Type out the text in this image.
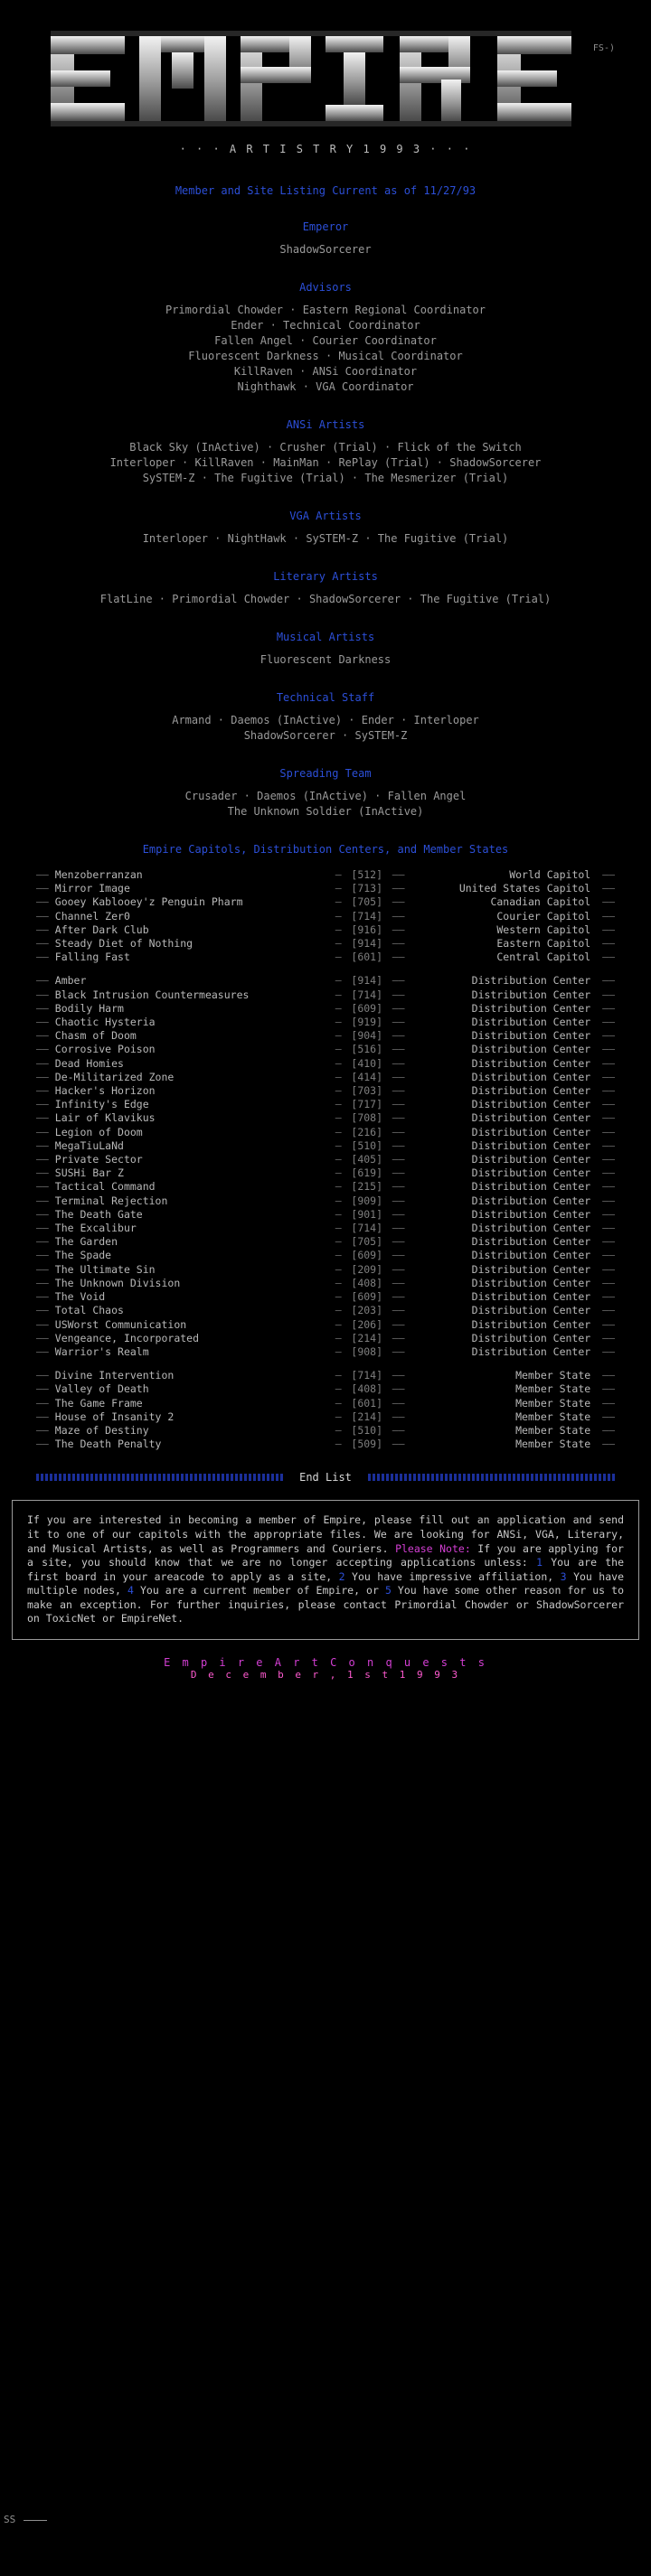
FS-)
· · · A R T I S T R Y 1 9 9 3 · · ·
Member and Site Listing Current as of 11/27/93
Emperor
ShadowSorcerer
Advisors
Primordial Chowder · Eastern Regional Coordinator
Ender · Technical Coordinator
Fallen Angel · Courier Coordinator
Fluorescent Darkness · Musical Coordinator
KillRaven · ANSi Coordinator
Nighthawk · VGA Coordinator
ANSi Artists
Black Sky (InActive) · Crusher (Trial) · Flick of the Switch
Interloper · KillRaven · MainMan · RePlay (Trial) · ShadowSorcerer
SySTEM-Z · The Fugitive (Trial) · The Mesmerizer (Trial)
VGA Artists
Interloper · NightHawk · SySTEM-Z · The Fugitive (Trial)
Literary Artists
FlatLine · Primordial Chowder · ShadowSorcerer · The Fugitive (Trial)
Musical Artists
Fluorescent Darkness
Technical Staff
Armand · Daemos (InActive) · Ender · Interloper
ShadowSorcerer · SySTEM-Z
Spreading Team
Crusader · Daemos (InActive) · Fallen Angel
The Unknown Soldier (InActive)
Empire Capitols, Distribution Centers, and Member States
—— Menzoberranzan	— [512] ——	World Capitol ——
—— Mirror Image	— [713] ——	United States Capitol ——
—— Gooey Kablooey'z Penguin Pharm	— [705] ——	Canadian Capitol ——
—— Channel Zer0	— [714] ——	Courier Capitol ——
—— After Dark Club	— [916] ——	Western Capitol ——
—— Steady Diet of Nothing	— [914] ——	Eastern Capitol ——
—— Falling Fast	— [601] ——	Central Capitol ——
—— Amber	— [914] ——	Distribution Center ——
—— Black Intrusion Countermeasures	— [714] ——	Distribution Center ——
—— Bodily Harm	— [609] ——	Distribution Center ——
—— Chaotic Hysteria	— [919] ——	Distribution Center ——
—— Chasm of Doom	— [904] ——	Distribution Center ——
—— Corrosive Poison	— [516] ——	Distribution Center ——
—— Dead Homies	— [410] ——	Distribution Center ——
—— De-Militarized Zone	— [414] ——	Distribution Center ——
—— Hacker's Horizon	— [703] ——	Distribution Center ——
—— Infinity's Edge	— [717] ——	Distribution Center ——
—— Lair of Klavikus	— [708] ——	Distribution Center ——
—— Legion of Doom	— [216] ——	Distribution Center ——
—— MegaTiuLaNd	— [510] ——	Distribution Center ——
—— Private Sector	— [405] ——	Distribution Center ——
—— SUSHi Bar Z	— [619] ——	Distribution Center ——
—— Tactical Command	— [215] ——	Distribution Center ——
—— Terminal Rejection	— [909] ——	Distribution Center ——
—— The Death Gate	— [901] ——	Distribution Center ——
—— The Excalibur	— [714] ——	Distribution Center ——
—— The Garden	— [705] ——	Distribution Center ——
—— The Spade	— [609] ——	Distribution Center ——
—— The Ultimate Sin	— [209] ——	Distribution Center ——
—— The Unknown Division	— [408] ——	Distribution Center ——
—— The Void	— [609] ——	Distribution Center ——
—— Total Chaos	— [203] ——	Distribution Center ——
—— USWorst Communication	— [206] ——	Distribution Center ——
—— Vengeance, Incorporated	— [214] ——	Distribution Center ——
—— Warrior's Realm	— [908] ——	Distribution Center ——
—— Divine Intervention	— [714] ——	Member State ——
—— Valley of Death	— [408] ——	Member State ——
—— The Game Frame	— [601] ——	Member State ——
—— House of Insanity 2	— [214] ——	Member State ——
—— Maze of Destiny	— [510] ——	Member State ——
—— The Death Penalty	— [509] ——	Member State ——
End List
If you are interested in becoming a member of Empire, please fill out an application and send it to one of our capitols with the appropriate files. We are looking for ANSi, VGA, Literary, and Musical Artists, as well as Programmers and Couriers. Please Note: If you are applying for a site, you should know that we are no longer accepting applications unless: 1 You are the first board in your areacode to apply as a site, 2 You have impressive affiliation, 3 You have multiple nodes, 4 You are a current member of Empire, or 5 You have some other reason for us to make an exception. For further inquiries, please contact Primordial Chowder or ShadowSorcerer on ToxicNet or EmpireNet.
SS
E m p i r e A r t C o n q u e s t s
D e c e m b e r , 1 s t 1 9 9 3
